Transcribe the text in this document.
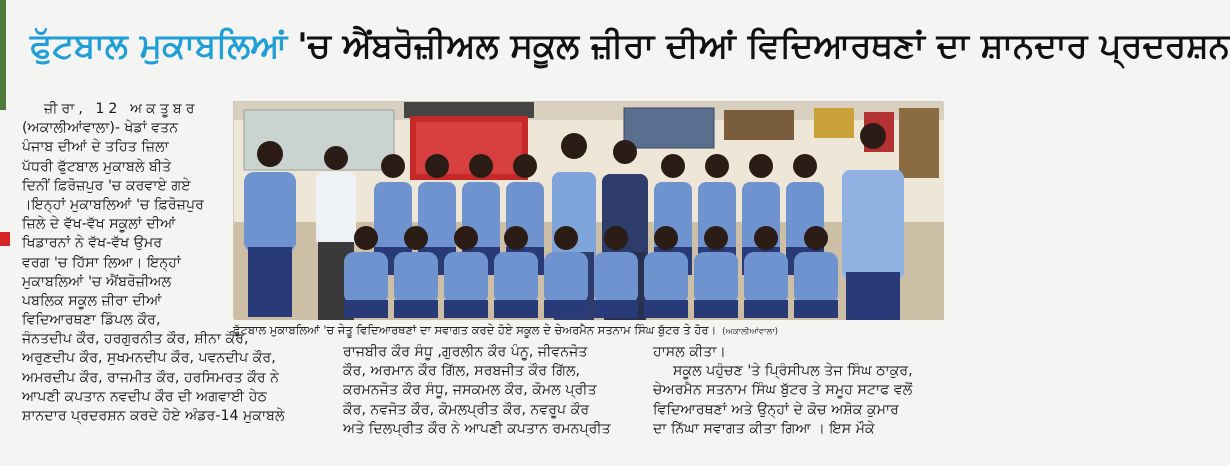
ਫੁੱਟਬਾਲ ਮੁਕਾਬਲਿਆਂ 'ਚ ਐਂਬਰੋਜ਼ੀਅਲ ਸਕੂਲ ਜ਼ੀਰਾ ਦੀਆਂ ਵਿਦਿਆਰਥਣਾਂ ਦਾ ਸ਼ਾਨਦਾਰ ਪ੍ਰਦਰਸ਼ਨ
ਜ਼ੀਰਾ, 12 ਅਕਤੂਬਰ
(ਅਕਾਲੀਆਂਵਾਲਾ)- ਖੇਡਾਂ ਵਤਨ
ਪੰਜਾਬ ਦੀਆਂ ਦੇ ਤਹਿਤ ਜ਼ਿਲਾ
ਪੱਧਰੀ ਫੁੱਟਬਾਲ ਮੁਕਾਬਲੇ ਬੀਤੇ
ਦਿਨੀਂ ਫ਼ਿਰੋਜ਼ਪੁਰ 'ਚ ਕਰਵਾਏ ਗਏ
।ਇਨ੍ਹਾਂ ਮੁਕਾਬਲਿਆਂ 'ਚ ਫ਼ਿਰੋਜ਼ਪੁਰ
ਜ਼ਿਲੇ ਦੇ ਵੱਖ-ਵੱਖ ਸਕੂਲਾਂ ਦੀਆਂ
ਖਿਡਾਰਨਾਂ ਨੇ ਵੱਖ-ਵੱਖ ਉਮਰ
ਵਰਗ 'ਚ ਹਿੱਸਾ ਲਿਆ। ਇਨ੍ਹਾਂ
ਮੁਕਾਬਲਿਆਂ 'ਚ ਐਂਬਰੋਜ਼ੀਅਲ
ਪਬਲਿਕ ਸਕੂਲ ਜ਼ੀਰਾ ਦੀਆਂ
ਵਿਦਿਆਰਥਣਾ ਡਿੰਪਲ ਕੌਰ,
ਜੰਨਤਦੀਪ ਕੌਰ, ਹਰਗੁਰਨੀਤ ਕੌਰ, ਸ਼ੀਨਾ ਕੌਰ,
ਅਰੁਣਦੀਪ ਕੌਰ, ਸੁਖਮਨਦੀਪ ਕੌਰ, ਪਵਨਦੀਪ ਕੌਰ,
ਅਮਰਦੀਪ ਕੌਰ, ਰਾਜਮੀਤ ਕੌਰ, ਹਰਸਿਮਰਤ ਕੌਰ ਨੇ
ਆਪਣੀ ਕਪਤਾਨ ਨਵਦੀਪ ਕੌਰ ਦੀ ਅਗਵਾਈ ਹੇਠ
ਸ਼ਾਨਦਾਰ ਪ੍ਰਦਰਸ਼ਨ ਕਰਦੇ ਹੋਏ ਅੰਡਰ-14 ਮੁਕਾਬਲੇ
ਫੁੱਟਬਾਲ ਮੁਕਾਬਲਿਆਂ 'ਚ ਜੇਤੂ ਵਿਦਿਆਰਥਣਾਂ ਦਾ ਸਵਾਗਤ ਕਰਦੇ ਹੋਏ ਸਕੂਲ ਦੇ ਚੇਅਰਮੈਨ ਸਤਨਾਮ ਸਿੰਘ ਬੁੱਟਰ ਤੇ ਹੋਰ। (ਅਕਾਲੀਆਂਵਾਲਾ)
ਰਾਜਬੀਰ ਕੌਰ ਸੰਧੂ ,ਗੁਰਲੀਨ ਕੌਰ ਪੰਨੂ, ਜੀਵਨਜੋਤ
ਕੌਰ, ਅਰਮਾਨ ਕੌਰ ਗਿੱਲ, ਸਰਬਜੀਤ ਕੌਰ ਗਿੱਲ,
ਕਰਮਨਜੋਤ ਕੌਰ ਸੰਧੂ, ਜਸਕਮਲ ਕੌਰ, ਕੋਮਲ ਪ੍ਰੀਤ
ਕੌਰ, ਨਵਜੋਤ ਕੌਰ, ਕੋਮਲਪ੍ਰੀਤ ਕੌਰ, ਨਵਰੂਪ ਕੌਰ
ਅਤੇ ਦਿਲਪ੍ਰੀਤ ਕੌਰ ਨੇ ਆਪਣੀ ਕਪਤਾਨ ਰਮਨਪ੍ਰੀਤ
ਹਾਸਲ ਕੀਤਾ।
ਸਕੂਲ ਪਹੁੰਚਣ 'ਤੇ ਪ੍ਰਿੰਸੀਪਲ ਤੇਜ ਸਿੰਘ ਠਾਕੁਰ,
ਚੇਅਰਮੈਨ ਸਤਨਾਮ ਸਿੰਘ ਬੁੱਟਰ ਤੇ ਸਮੂਹ ਸਟਾਫ ਵਲੋਂ
ਵਿਦਿਆਰਥਣਾਂ ਅਤੇ ਉਨ੍ਹਾਂ ਦੇ ਕੋਚ ਅਸ਼ੋਕ ਕੁਮਾਰ
ਦਾ ਨਿੱਘਾ ਸਵਾਗਤ ਕੀਤਾ ਗਿਆ । ਇਸ ਮੌਕੇ
